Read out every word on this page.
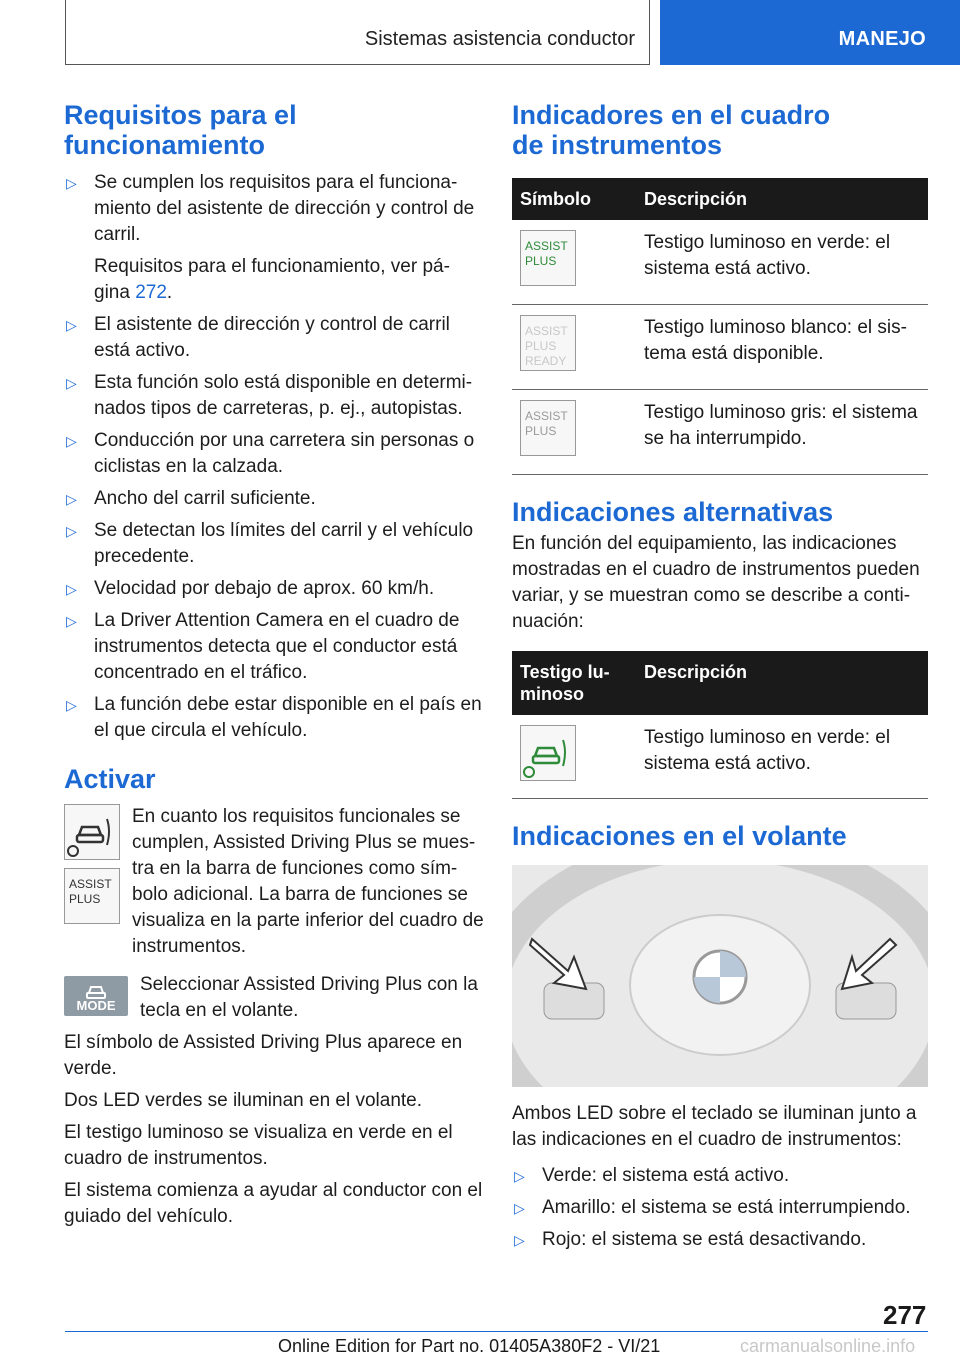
Sistemas asistencia conductor	MANEJO
Requisitos para el funcionamiento
▷ Se cumplen los requisitos para el funciona- miento del asistente de dirección y control de carril.
Requisitos para el funcionamiento, ver pá- gina 272.
▷ El asistente de dirección y control de carril está activo.
▷ Esta función solo está disponible en determi- nados tipos de carreteras, p. ej., autopistas.
▷ Conducción por una carretera sin personas o ciclistas en la calzada.
▷ Ancho del carril suficiente.
▷ Se detectan los límites del carril y el vehículo precedente.
▷ Velocidad por debajo de aprox. 60 km/h.
▷ La Driver Attention Camera en el cuadro de instrumentos detecta que el conductor está concentrado en el tráfico.
▷ La función debe estar disponible en el país en el que circula el vehículo.
Activar

ASSIST
PLUS

En cuanto los requisitos funcionales se cumplen, Assisted Driving Plus se mues- tra en la barra de funciones como sím- bolo adicional. La barra de funciones se visualiza en la parte inferior del cuadro de instrumentos.

MODE

Seleccionar Assisted Driving Plus con la tecla en el volante.

El símbolo de Assisted Driving Plus aparece en verde.

Dos LED verdes se iluminan en el volante.

El testigo luminoso se visualiza en verde en el cuadro de instrumentos.

El sistema comienza a ayudar al conductor con el guiado del vehículo.

Indicadores en el cuadro de instrumentos
Símbolo	Descripción

ASSIST
PLUS	Testigo luminoso en verde: el sistema está activo.

ASSIST
PLUS
READY	Testigo luminoso blanco: el sis- tema está disponible.

ASSIST
PLUS	Testigo luminoso gris: el sistema se ha interrumpido.
Indicaciones alternativas

En función del equipamiento, las indicaciones mostradas en el cuadro de instrumentos pueden variar, y se muestran como se describe a conti- nuación:

Testigo lu- minoso	Descripción
	Testigo luminoso en verde: el sistema está activo.
Indicaciones en el volante

Ambos LED sobre el teclado se iluminan junto a las indicaciones en el cuadro de instrumentos:

▷ Verde: el sistema está activo.
▷ Amarillo: el sistema se está interrumpiendo.
▷ Rojo: el sistema se está desactivando.
277
Online Edition for Part no. 01405A380F2 - VI/21	carmanualsonline.info
